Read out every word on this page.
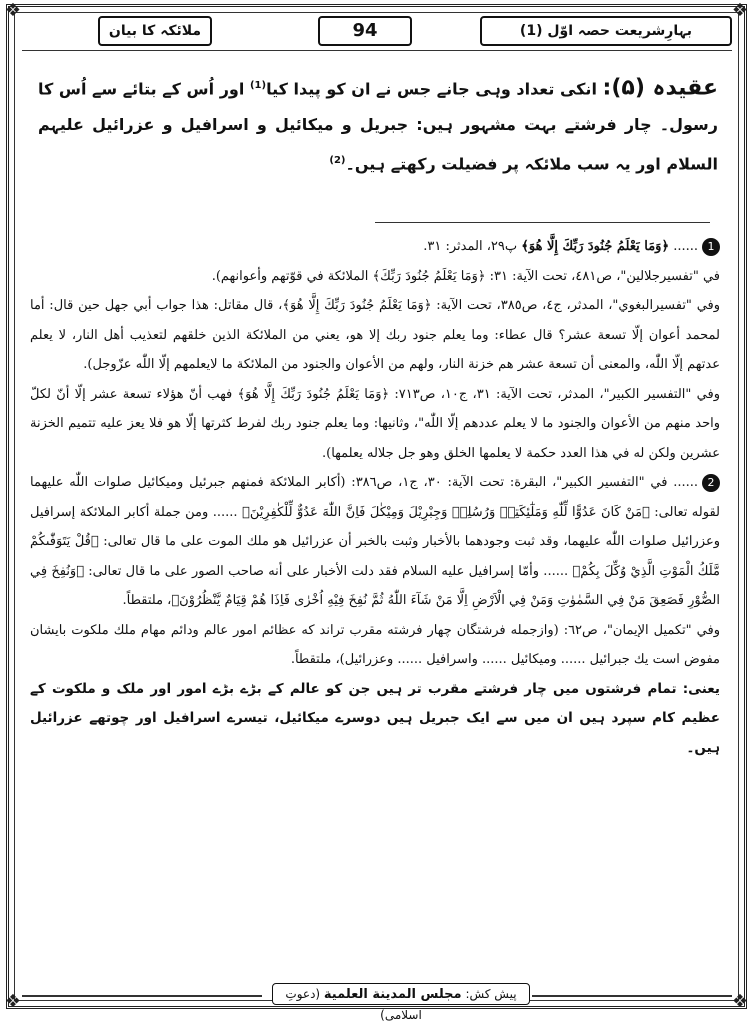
❖	❖
❖	❖
ملائکہ کا بیان	94	بہارِشریعت حصہ اوّل (1)
عقیدہ (۵): انکی تعداد وہی جانے جس نے ان کو پیدا کیا$^{(1)}$ اور اُس کے بتائے سے اُس کا رسول۔ چار فرشتے بہت مشہور ہیں: جبریل و میکائیل و اسرافیل و عزرائیل علیہم السلام اور یہ سب ملائکہ پر فضیلت رکھتے ہیں۔$^{(2)}$

1...... ﴿وَمَا يَعْلَمُ جُنُودَ رَبِّكَ إِلَّا هُوَ﴾ پ٢٩، المدثر: ٣١.

في "تفسيرجلالين"، ص٤٨١، تحت الآية: ٣١: ﴿وَمَا يَعْلَمُ جُنُودَ رَبِّكَ﴾ الملائكة في قوّتهم وأعوانهم).

وفي "تفسيرالبغوي"، المدثر، ج٤، ص٣٨٥، تحت الآية: ﴿وَمَا يَعْلَمُ جُنُودَ رَبِّكَ إِلَّا هُوَ﴾، قال مقاتل: هذا جواب أبي جهل حين قال: أما لمحمد أعوان إلّا تسعة عشر؟ قال عطاء: وما يعلم جنود ربك إلا هو، يعني من الملائكة الذين خلقهم لتعذيب أهل النار، لا يعلم عدتهم إلّا اللّٰه، والمعنى أن تسعة عشر هم خزنة النار، ولهم من الأعوان والجنود من الملائكة ما لايعلمهم إلّا اللّٰه عزّوجل).

وفي "التفسير الكبير"، المدثر، تحت الآية: ٣١، ج١٠، ص٧١٣: ﴿وَمَا يَعْلَمُ جُنُودَ رَبِّكَ إِلَّا هُوَ﴾ فهب أنّ هؤلاء تسعة عشر إلّا أنّ لكلّ واحد منهم من الأعوان والجنود ما لا يعلم عددهم إلّا اللّٰه"، وثانيها: وما يعلم جنود ربك لفرط كثرتها إلّا هو فلا يعز عليه تتميم الخزنة عشرين ولكن له في هذا العدد حكمة لا يعلمها الخلق وهو جل جلاله يعلمها).

2...... في "التفسير الكبير"، البقرة: تحت الآية: ٣٠، ج١، ص٣٨٦: (أكابر الملائكة فمنهم جبرئيل وميكائيل صلوات اللّٰه عليهما لقوله تعالى: ﴿مَنْ كَانَ عَدُوًّا لِّلّٰهِ وَمَلٰٓئِكَتِهٖ وَرُسُلِهٖ وَجِبْرِيْلَ وَمِيْكٰلَ فَاِنَّ اللّٰهَ عَدُوٌّ لِّلْكٰفِرِيْنَ﴾ ...... ومن جملة أكابر الملائكة إسرافيل وعزرائيل صلوات اللّٰه عليهما، وقد ثبت وجودهما بالأخبار وثبت بالخبر أن عزرائيل هو ملك الموت على ما قال تعالى: ﴿قُلْ يَتَوَفّٰىكُمْ مَّلَكُ الْمَوْتِ الَّذِيْ وُكِّلَ بِكُمْ﴾ ...... وأمّا إسرافيل عليه السلام فقد دلت الأخبار على أنه صاحب الصور على ما قال تعالى: ﴿وَنُفِخَ فِي الصُّوْرِ فَصَعِقَ مَنْ فِي السَّمٰوٰتِ وَمَنْ فِي الْاَرْضِ اِلَّا مَنْ شَآءَ اللّٰهُ ثُمَّ نُفِخَ فِيْهِ اُخْرٰى فَاِذَا هُمْ قِيَامٌ يَّنْظُرُوْنَ﴾، ملتقطاً.

وفي "تكميل الإيمان"، ص٦٢: (وازجمله فرشتگان چهار فرشته مقرب تراند كه عظائم امور عالم ودائم مهام ملك ملكوت بايشان مفوض است يك جبرائيل ...... وميكائيل ...... واسرافيل ...... وعزرائيل)، ملتقطاً.

یعنی: تمام فرشتوں میں چار فرشتے مقرب تر ہیں جن کو عالم کے بڑے بڑے امور اور ملک و ملکوت کے عظیم کام سپرد ہیں ان میں سے ایک جبریل ہیں دوسرے میکائیل، تیسرے اسرافیل اور چوتھے عزرائیل ہیں۔

پیش کش: مجلس المدينة العلمية (دعوتِ اسلامی)
